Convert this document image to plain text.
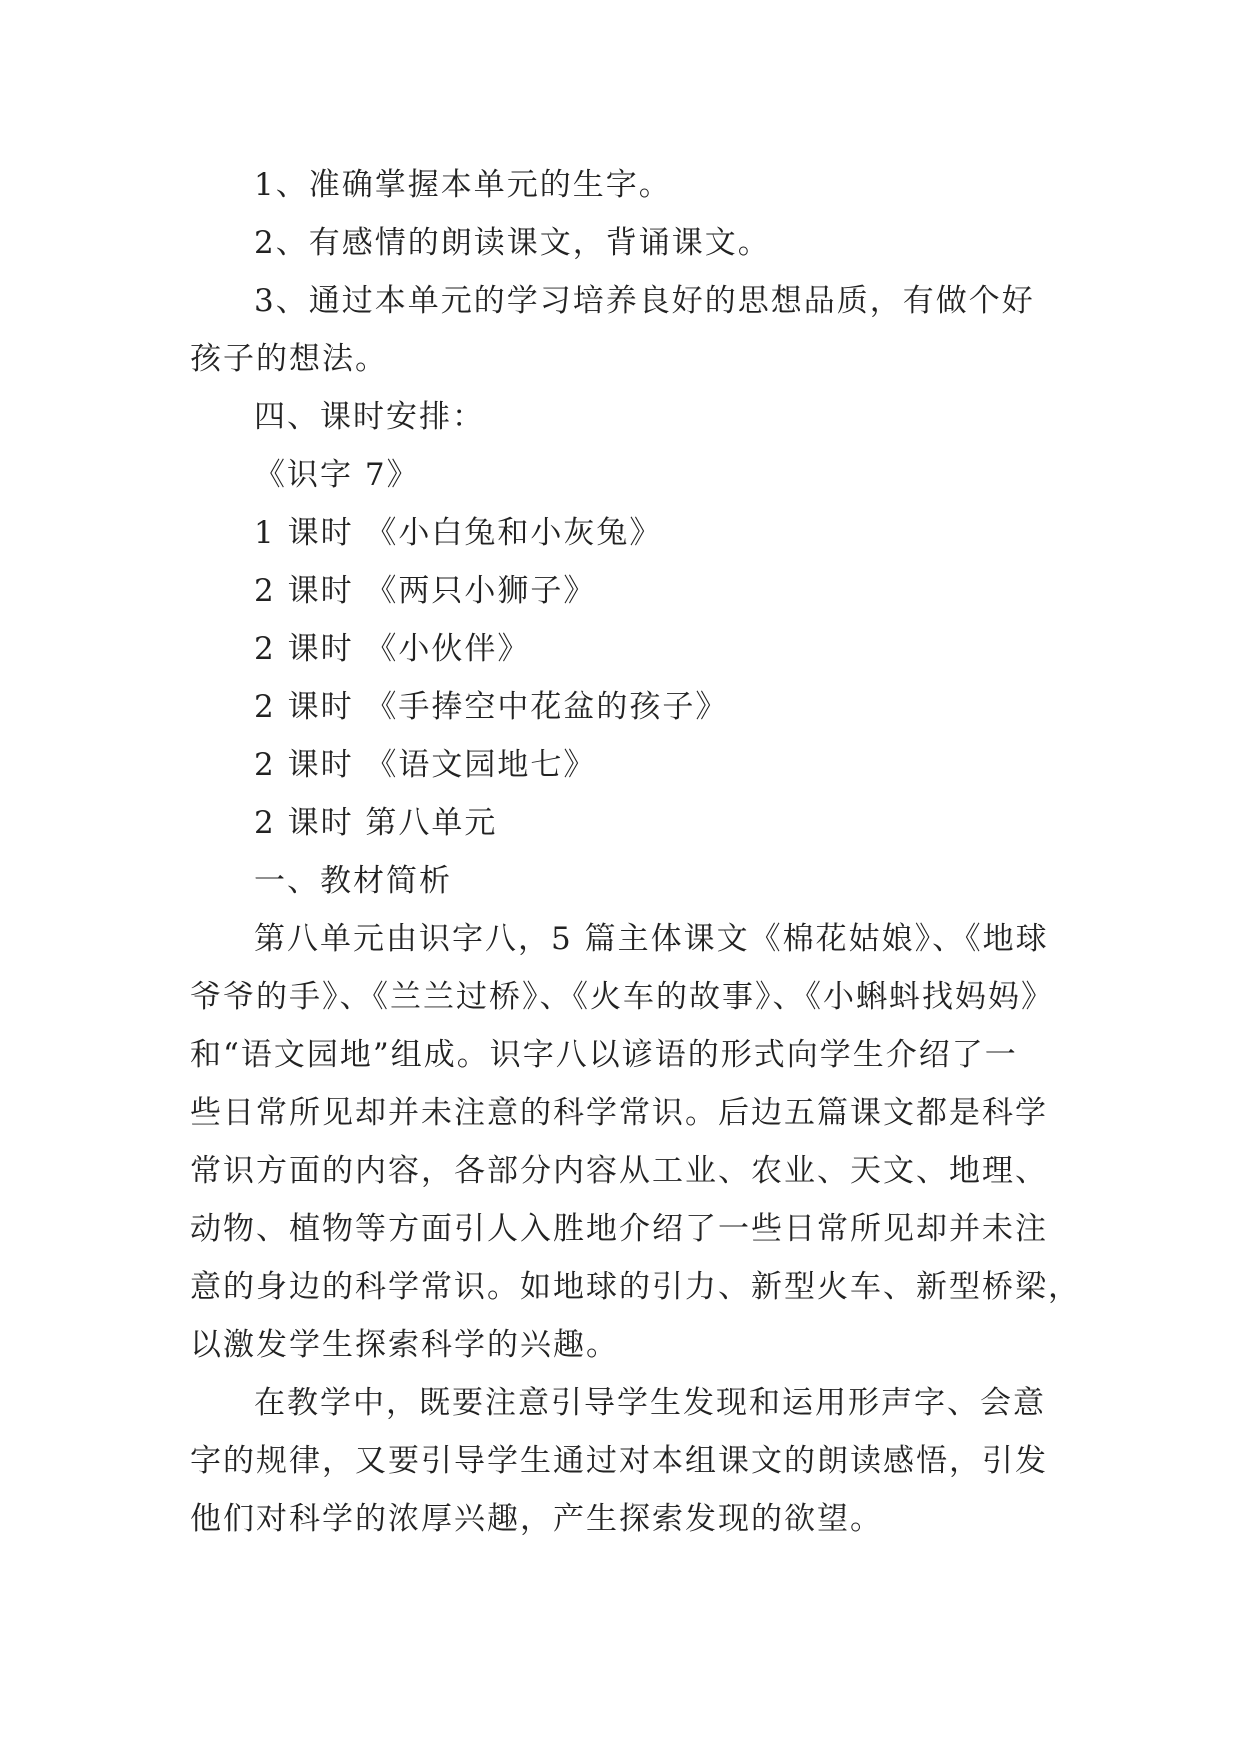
1、准确掌握本单元的生字。
2、有感情的朗读课文，背诵课文。
3、通过本单元的学习培养良好的思想品质，有做个好
孩子的想法。
四、课时安排：
《识字 7》
1 课时 《小白兔和小灰兔》
2 课时 《两只小狮子》
2 课时 《小伙伴》
2 课时 《手捧空中花盆的孩子》
2 课时 《语文园地七》
2 课时 第八单元
一、教材简析
第八单元由识字八，5 篇主体课文《棉花姑娘》、《地球
爷爷的手》、《兰兰过桥》、《火车的故事》、《小蝌蚪找妈妈》
和“语文园地”组成。识字八以谚语的形式向学生介绍了一
些日常所见却并未注意的科学常识。后边五篇课文都是科学
常识方面的内容，各部分内容从工业、农业、天文、地理、
动物、植物等方面引人入胜地介绍了一些日常所见却并未注
意的身边的科学常识。如地球的引力、新型火车、新型桥梁，
以激发学生探索科学的兴趣。
在教学中，既要注意引导学生发现和运用形声字、会意
字的规律，又要引导学生通过对本组课文的朗读感悟，引发
他们对科学的浓厚兴趣，产生探索发现的欲望。
